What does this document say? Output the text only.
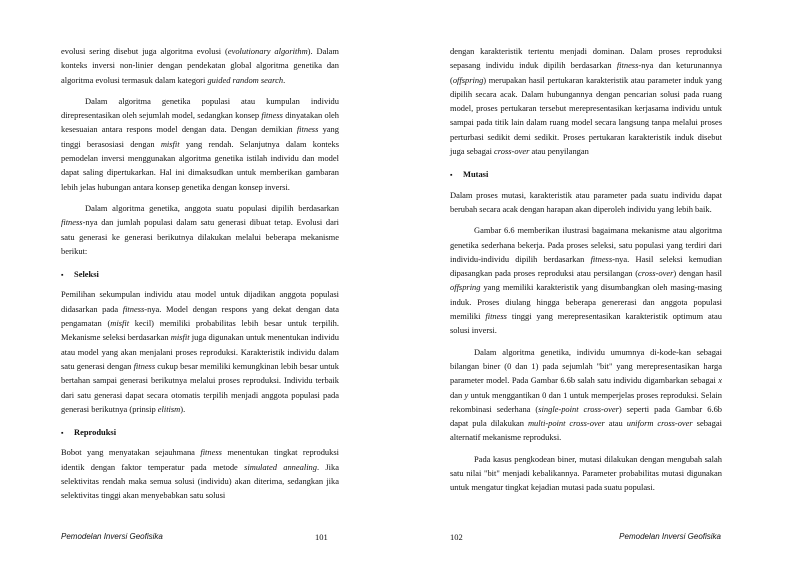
evolusi sering disebut juga algoritma evolusi (evolutionary algorithm). Dalam konteks inversi non-linier dengan pendekatan global algoritma genetika dan algoritma evolusi termasuk dalam kategori guided random search.

Dalam algoritma genetika populasi atau kumpulan individu direpresentasikan oleh sejumlah model, sedangkan konsep fitness dinyatakan oleh kesesuaian antara respons model dengan data. Dengan demikian fitness yang tinggi berasosiasi dengan misfit yang rendah. Selanjutnya dalam konteks pemodelan inversi menggunakan algoritma genetika istilah individu dan model dapat saling dipertukarkan. Hal ini dimaksudkan untuk memberikan gambaran lebih jelas hubungan antara konsep genetika dengan konsep inversi.

Dalam algoritma genetika, anggota suatu populasi dipilih berdasarkan fitness-nya dan jumlah populasi dalam satu generasi dibuat tetap. Evolusi dari satu generasi ke generasi berikutnya dilakukan melalui beberapa mekanisme berikut:

▪ Seleksi

Pemilihan sekumpulan individu atau model untuk dijadikan anggota populasi didasarkan pada fitness-nya. Model dengan respons yang dekat dengan data pengamatan (misfit kecil) memiliki probabilitas lebih besar untuk terpilih. Mekanisme seleksi berdasarkan misfit juga digunakan untuk menentukan individu atau model yang akan menjalani proses reproduksi. Karakteristik individu dalam satu generasi dengan fitness cukup besar memiliki kemungkinan lebih besar untuk bertahan sampai generasi berikutnya melalui proses reproduksi. Individu terbaik dari satu generasi dapat secara otomatis terpilih menjadi anggota populasi pada generasi berikutnya (prinsip elitism).

▪ Reproduksi

Bobot yang menyatakan sejauhmana fitness menentukan tingkat reproduksi identik dengan faktor temperatur pada metode simulated annealing. Jika selektivitas rendah maka semua solusi (individu) akan diterima, sedangkan jika selektivitas tinggi akan menyebabkan satu solusi

Pemodelan Inversi Geofisika	101

dengan karakteristik tertentu menjadi dominan. Dalam proses reproduksi sepasang individu induk dipilih berdasarkan fitness-nya dan keturunannya (offspring) merupakan hasil pertukaran karakteristik atau parameter induk yang dipilih secara acak. Dalam hubungannya dengan pencarian solusi pada ruang model, proses pertukaran tersebut merepresentasikan kerjasama individu untuk sampai pada titik lain dalam ruang model secara langsung tanpa melalui proses perturbasi sedikit demi sedikit. Proses pertukaran karakteristik induk disebut juga sebagai cross-over atau penyilangan

▪ Mutasi

Dalam proses mutasi, karakteristik atau parameter pada suatu individu dapat berubah secara acak dengan harapan akan diperoleh individu yang lebih baik.

Gambar 6.6 memberikan ilustrasi bagaimana mekanisme atau algoritma genetika sederhana bekerja. Pada proses seleksi, satu populasi yang terdiri dari individu-individu dipilih berdasarkan fitness-nya. Hasil seleksi kemudian dipasangkan pada proses reproduksi atau persilangan (cross-over) dengan hasil offspring yang memiliki karakteristik yang disumbangkan oleh masing-masing induk. Proses diulang hingga beberapa genererasi dan anggota populasi memiliki fitness tinggi yang merepresentasikan karakteristik optimum atau solusi inversi.

Dalam algoritma genetika, individu umumnya di-kode-kan sebagai bilangan biner (0 dan 1) pada sejumlah "bit" yang merepresentasikan harga parameter model. Pada Gambar 6.6b salah satu individu digambarkan sebagai x dan y untuk menggantikan 0 dan 1 untuk memperjelas proses reproduksi. Selain rekombinasi sederhana (single-point cross-over) seperti pada Gambar 6.6b dapat pula dilakukan multi-point cross-over atau uniform cross-over sebagai alternatif mekanisme reproduksi.

Pada kasus pengkodean biner, mutasi dilakukan dengan mengubah salah satu nilai "bit" menjadi kebalikannya. Parameter probabilitas mutasi digunakan untuk mengatur tingkat kejadian mutasi pada suatu populasi.

102	Pemodelan Inversi Geofisika
